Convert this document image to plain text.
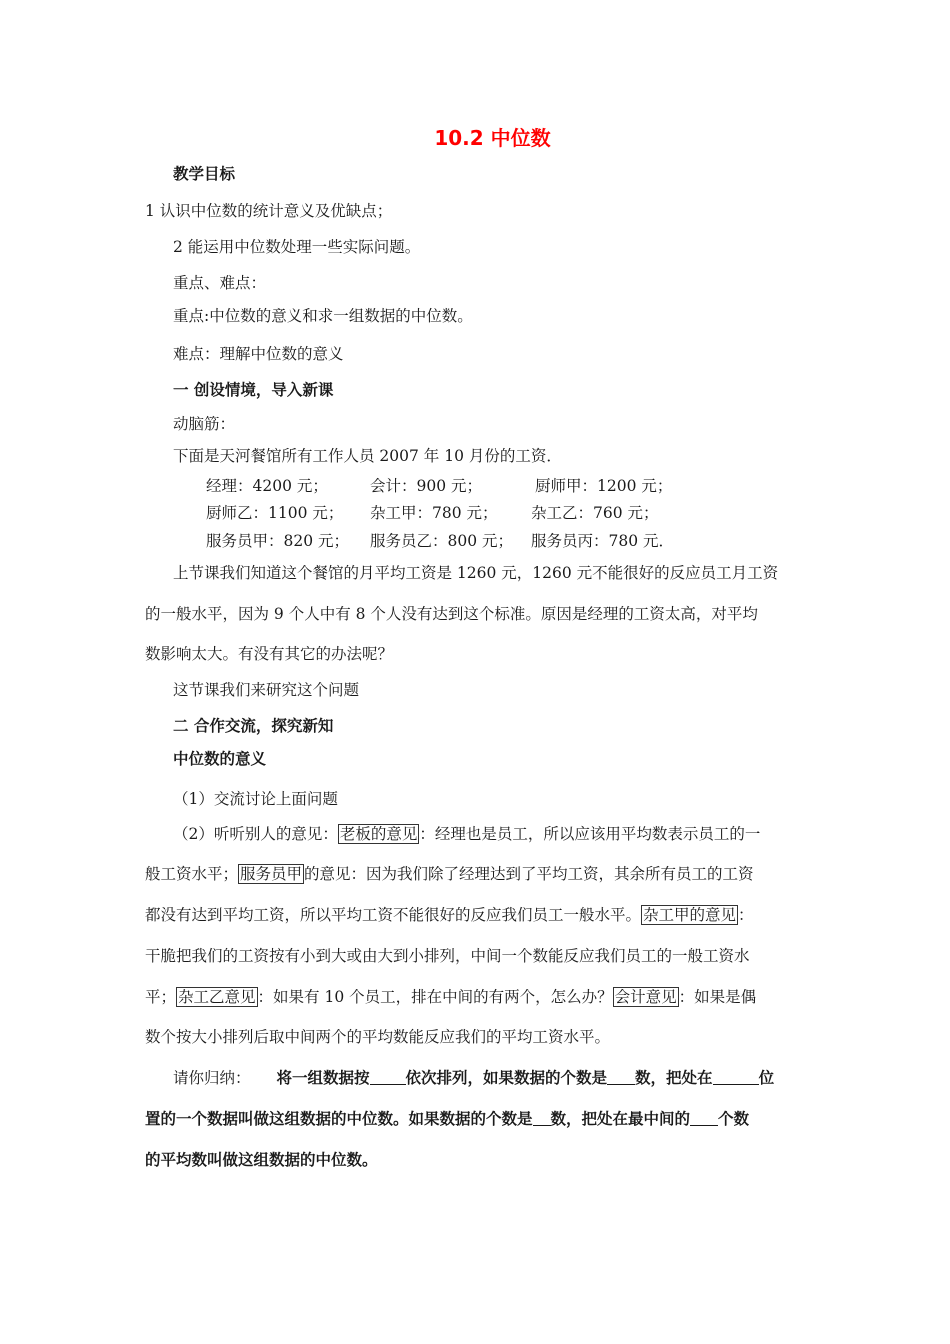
10.2 中位数
教学目标
1 认识中位数的统计意义及优缺点；
2 能运用中位数处理一些实际问题。
重点、难点：
重点:中位数的意义和求一组数据的中位数。
难点：理解中位数的意义
一 创设情境，导入新课
动脑筋：
下面是天河餐馆所有工作人员 2007 年 10 月份的工资．
经理：4200 元；	会计：900 元；	厨师甲：1200 元；
厨师乙：1100 元； 杂工甲：780 元； 杂工乙：760 元；
服务员甲：820 元； 服务员乙：800 元； 服务员丙：780 元．
上节课我们知道这个餐馆的月平均工资是 1260 元，1260 元不能很好的反应员工月工资
的一般水平，因为 9 个人中有 8 个人没有达到这个标准。原因是经理的工资太高，对平均
数影响太大。有没有其它的办法呢？
这节课我们来研究这个问题
二 合作交流，探究新知
中位数的意义
（1）交流讨论上面问题
（2）听听别人的意见： 老板的意见 ：经理也是员工，所以应该用平均数表示员工的一
般工资水平； 服务员甲 的意见：因为我们除了经理达到了平均工资，其余所有员工的工资
都没有达到平均工资，所以平均工资不能很好的反应我们员工一般水平。 杂工甲的意见 ：
干脆把我们的工资按有小到大或由大到小排列，中间一个数能反应我们员工的一般工资水
平； 杂工乙意见 ：如果有 10 个员工，排在中间的有两个，怎么办？ 会计意见 ：如果是偶
数个按大小排列后取中间两个的平均数能反应我们的平均工资水平。
请你归纳： 将一组数据按 依次排列，如果数据的个数是 数，把处在	位
置的一个数据叫做这组数据的中位数。如果数据的个数是 数，把处在最中间的 个数
的平均数叫做这组数据的中位数。
